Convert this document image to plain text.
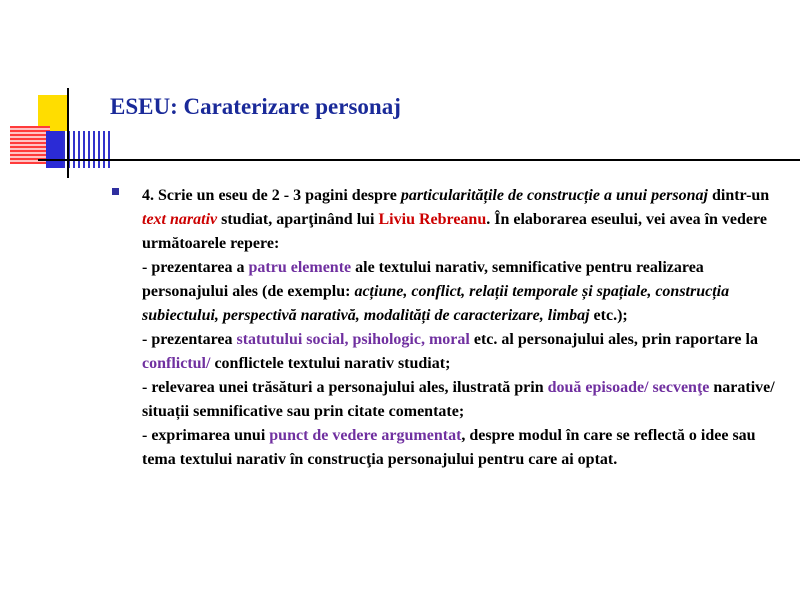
ESEU: Caraterizare personaj

4. Scrie un eseu de 2 - 3 pagini despre particularitățile de construcție a unui personaj dintr-un text narativ studiat, aparţinând lui Liviu Rebreanu. În elaborarea eseului, vei avea în vedere următoarele repere:

- prezentarea a patru elemente ale textului narativ, semnificative pentru realizarea personajului ales (de exemplu: acțiune, conflict, relații temporale și spațiale, construcția subiectului, perspectivă narativă, modalități de caracterizare, limbaj etc.);

- prezentarea statutului social, psihologic, moral etc. al personajului ales, prin raportare la conflictul/ conflictele textului narativ studiat;

- relevarea unei trăsături a personajului ales, ilustrată prin două episoade/ secvenţe narative/ situații semnificative sau prin citate comentate;

- exprimarea unui punct de vedere argumentat, despre modul în care se reflectă o idee sau tema textului narativ în construcţia personajului pentru care ai optat.
